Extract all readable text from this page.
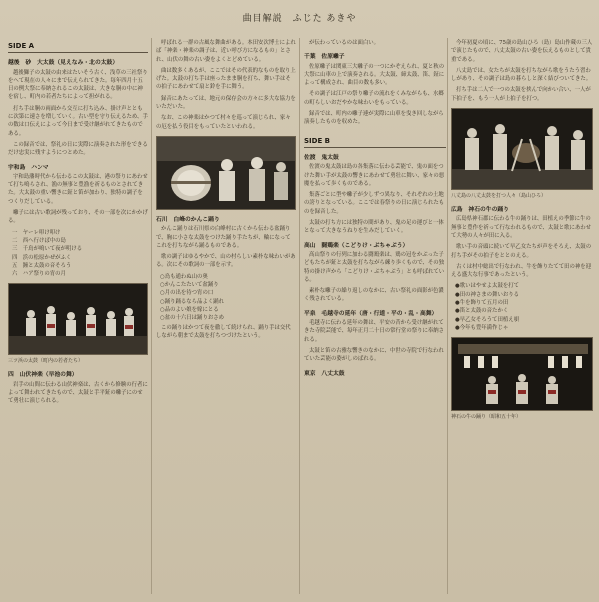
曲目解説　ふじた あきや
SIDE A
越後　砂　大太鼓（見えなみ・北の太鼓）
越後獅子の太鼓の由来はたいそう古く、浅草の三社祭りをへて現在の人々にまで伝えられてきた。毎年四月十五日の例大祭に奉納されるこの太鼓は、大きな胴の中に神を宿し、町内の若者たちによって担がれる。
打ち手は胴の両面から交互に打ち込み、掛け声とともに次第に速さを増していく。古い型を守り伝えるため、手の数は口伝えによって今日まで受け継がれてきたものである。
この録音では、祭礼の日に実際に演奏された形をできるだけ忠実に残すようにつとめた。
宇和島　ハンマ
宇和島藩時代から伝わるこの太鼓は、港の祭りにあわせて打ち鳴らされ、漁の無事と豊漁を祈るものとされてきた。大太鼓の重い響きに鉦と笛が加わり、独特の調子をつくりだしている。
囃子には古い歌詞が残っており、その一部を次にかかげる。
一　ヤーレ叩け叩け
二　西へ行けば中の島
三　千鳥が鳴いて夜が明ける
四　浜の松原かぜがふく
五　鐘と太鼓の音そろう
六　ハア祭りの宵の月
三ツ浜の太鼓（町内の若者たち）
四　山伏神楽（早池の舞）
岩手の山間に伝わる山伏神楽は、古くから修験の行者によって舞われてきたもので、太鼓と手平鉦の囃子にのせて勇壮に演じられる。
呼ばれる一群の古風な舞曲がある。本田安次博士によれば「神楽・神楽の調子は、近い呼び方になるもの」とされ、山伏の舞の古い姿をよくとどめている。
曲は数多くあるが、ここではその代表的なものを取り上げた。太鼓の打ち手は座ったまま胴を打ち、舞い手はその拍子にあわせて扇と鈴を手に舞う。
録音にあたっては、地元の保存会の方々に多大な協力をいただいた。
なお、この神楽はかつて村々を巡って演じられ、家々の厄を払う役目をもっていたといわれる。
石川　白峰のかんこ踊り
かんこ踊りは石川県の白峰村に古くから伝わる盆踊りで、胸に小さな太鼓をつけた踊り手たちが、輪になってこれを打ちながら踊るものである。
歌の調子はゆるやかで、山の村らしい素朴な味わいがある。次にその歌詞の一部を示す。
○鳥も通わぬ山の奥
○かんこたたいて盆踊り
○月の出を待つ宵の口
○踊り踊るなら品よく踊れ
○品のよい娘を嫁にとる
○盆の十六日は踊りおさめ
この踊りはかつて夜を徹して続けられ、踊り手は交代しながら朝まで太鼓を打ちつづけたという。
が伝わっているのは面白い。
千葉　佐原囃子
佐原囃子は関東三大囃子の一つにかぞえられ、夏と秋の大祭に山車の上で演奏される。大太鼓、締太鼓、笛、鉦によって構成され、曲目の数も多い。
その調子は江戸の祭り囃子の流れをくみながらも、水郷の町らしいおだやかな味わいをもっている。
録音では、町内の囃子連が実際に山車を曳き回しながら演奏したものを収めた。
SIDE B
佐渡　鬼太鼓
佐渡の鬼太鼓は島の各集落に伝わる芸能で、鬼の面をつけた舞い手が太鼓の響きにあわせて勇壮に舞い、家々の悪魔を払って歩くものである。
集落ごとに型や囃子が少しずつ異なり、それぞれの土地の誇りとなっている。ここでは春祭りの日に演じられたものを録音した。
太鼓の打ち方には独特の間があり、鬼の足の運びと一体となって大きなうねりを生みだしていく。
高山　闘鶏楽（こどりけ・ぶちゃぶう）
高山祭りの行列に加わる闘鶏楽は、鶏の冠をかぶった子どもたちが鉦と太鼓を打ちながら練り歩くもので、その独特の掛け声から「こどりけ・ぶちゃぶう」とも呼ばれている。
素朴な囃子の繰り返しのなかに、古い祭礼の面影が色濃く残されている。
平泉　毛越寺の延年（唐・行道・平の・乱・高舞）
毛越寺に伝わる延年の舞は、平安の昔から受け継がれてきた寺院芸能で、毎年正月二十日の常行堂の祭りに奉納される。
太鼓と笛の古雅な響きのなかに、中世の寺院で行なわれていた芸能の姿がしのばれる。
東京　八丈太鼓
今年初夏の頃に、75歳の島山ひろ（島）島山作蔵の三人で演じたもので、八丈太鼓の古い姿を伝えるものとして貴重である。
八丈島では、女たちが太鼓を打ちながら歌をうたう習わしがあり、その調子は島の暮らしと深く結びついてきた。
打ち手は二人で一つの太鼓を挟んで向かい合い、一人が下拍子を、もう一人が上拍子を打つ。
八丈島の八丈太鼓を打つ人々（島山ひろ）
広島　神石の牛の踊り
広島県神石郡に伝わる牛の踊りは、田植えの季節に牛の無事と豊作を祈って行なわれるもので、太鼓と歌にあわせて大勢の人々が田に入る。
歌い手の音頭に続いて早乙女たちが声をそろえ、太鼓の打ち手がその拍子をととのえる。
古くは村中総出で行なわれ、牛を飾りたてて田の神を迎える盛大な行事であったという。
●歌いはやせよ太鼓を打て
●田の神さまの舞いおりる
●牛を飾りて五月の田
●笛と太鼓の音たかく
●早乙女そろうて田植え唄
●今年も豊年満作じゃ
神石の牛の踊り（昭和五十年）
